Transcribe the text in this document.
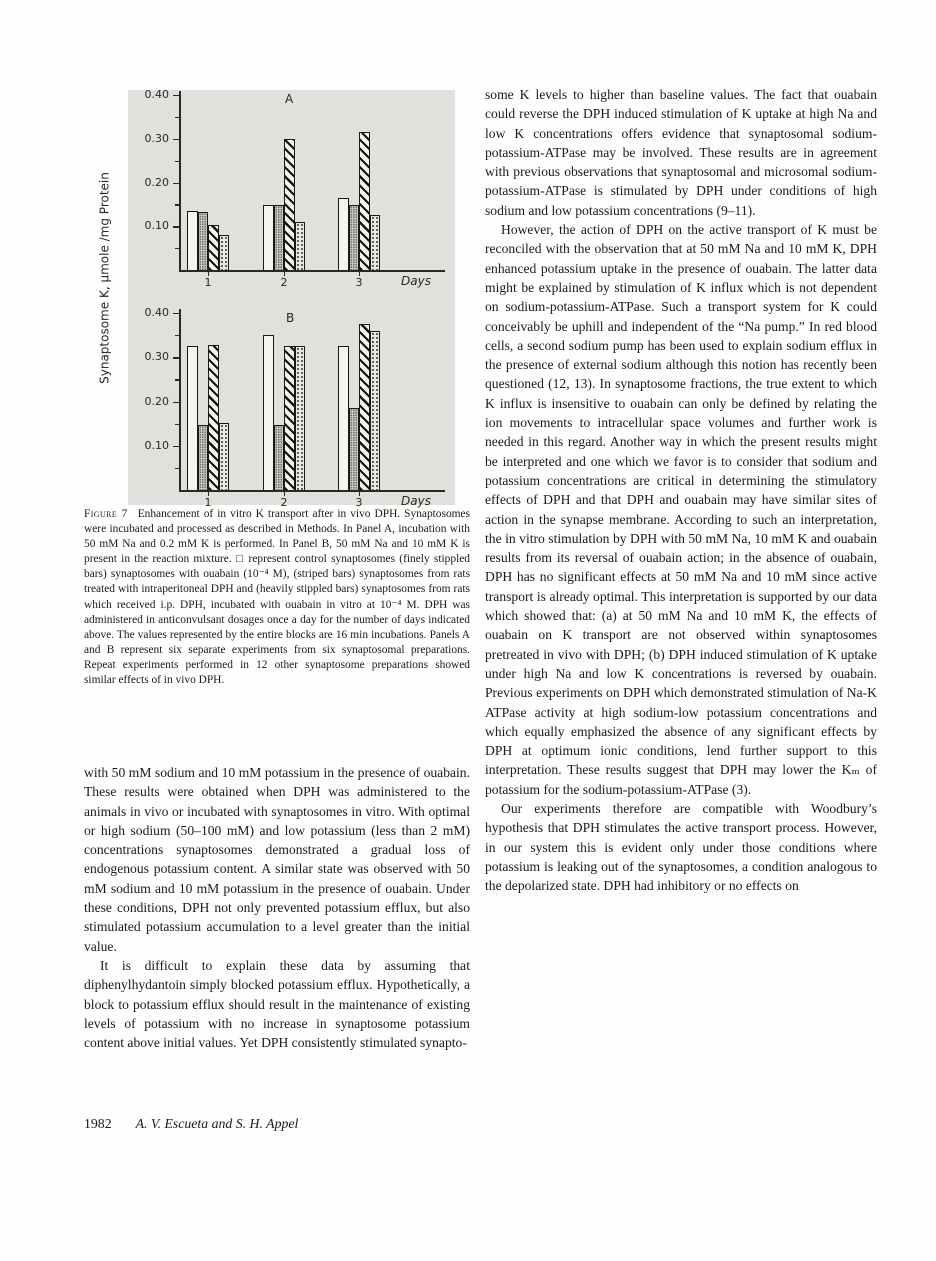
Synaptosome K, μmole /mg Protein	0.10
0.20
0.30
0.40
1	2	3	Days
A
0.10
0.20
0.30
0.40
1	2	3	Days
B

Figure 7 Enhancement of in vitro K transport after in vivo DPH. Synaptosomes were incubated and processed as described in Methods. In Panel A, incubation with 50 mM Na and 0.2 mM K is performed. In Panel B, 50 mM Na and 10 mM K is present in the reaction mixture. □ represent control synaptosomes (finely stippled bars) synaptosomes with ouabain (10⁻⁴ M), (striped bars) synaptosomes from rats treated with intraperitoneal DPH and (heavily stippled bars) synaptosomes from rats which received i.p. DPH, incubated with ouabain in vitro at 10⁻⁴ M. DPH was administered in anticonvulsant dosages once a day for the number of days indicated above. The values represented by the entire blocks are 16 min incubations. Panels A and B represent six separate experiments from six synaptosomal preparations. Repeat experiments performed in 12 other synaptosome preparations showed similar effects of in vivo DPH.

with 50 mM sodium and 10 mM potassium in the presence of ouabain. These results were obtained when DPH was administered to the animals in vivo or incubated with synaptosomes in vitro. With optimal or high sodium (50–100 mM) and low potassium (less than 2 mM) concentrations synaptosomes demonstrated a gradual loss of endogenous potassium content. A similar state was observed with 50 mM sodium and 10 mM potassium in the presence of ouabain. Under these conditions, DPH not only prevented potassium efflux, but also stimulated potassium accumulation to a level greater than the initial value.

It is difficult to explain these data by assuming that diphenylhydantoin simply blocked potassium efflux. Hypothetically, a block to potassium efflux should result in the maintenance of existing levels of potassium with no increase in synaptosome potassium content above initial values. Yet DPH consistently stimulated synapto-

some K levels to higher than baseline values. The fact that ouabain could reverse the DPH induced stimulation of K uptake at high Na and low K concentrations offers evidence that synaptosomal sodium-potassium-ATPase may be involved. These results are in agreement with previous observations that synaptosomal and microsomal sodium-potassium-ATPase is stimulated by DPH under conditions of high sodium and low potassium concentrations (9–11).

However, the action of DPH on the active transport of K must be reconciled with the observation that at 50 mM Na and 10 mM K, DPH enhanced potassium uptake in the presence of ouabain. The latter data might be explained by stimulation of K influx which is not dependent on sodium-potassium-ATPase. Such a transport system for K could conceivably be uphill and independent of the “Na pump.” In red blood cells, a second sodium pump has been used to explain sodium efflux in the presence of external sodium although this notion has recently been questioned (12, 13). In synaptosome fractions, the true extent to which K influx is insensitive to ouabain can only be defined by relating the ion movements to intracellular space volumes and further work is needed in this regard. Another way in which the present results might be interpreted and one which we favor is to consider that sodium and potassium concentrations are critical in determining the stimulatory effects of DPH and that DPH and ouabain may have similar sites of action in the synapse membrane. According to such an interpretation, the in vitro stimulation by DPH with 50 mM Na, 10 mM K and ouabain results from its reversal of ouabain action; in the absence of ouabain, DPH has no significant effects at 50 mM Na and 10 mM since active transport is already optimal. This interpretation is supported by our data which showed that: (a) at 50 mM Na and 10 mM K, the effects of ouabain on K transport are not observed within synaptosomes pretreated in vivo with DPH; (b) DPH induced stimulation of K uptake under high Na and low K concentrations is reversed by ouabain. Previous experiments on DPH which demonstrated stimulation of Na-K ATPase activity at high sodium-low potassium concentrations and which equally emphasized the absence of any significant effects by DPH at optimum ionic conditions, lend further support to this interpretation. These results suggest that DPH may lower the Kₘ of potassium for the sodium-potassium-ATPase (3).

Our experiments therefore are compatible with Woodbury’s hypothesis that DPH stimulates the active transport process. However, in our system this is evident only under those conditions where potassium is leaking out of the synaptosomes, a condition analogous to the depolarized state. DPH had inhibitory or no effects on

1982 A. V. Escueta and S. H. Appel
